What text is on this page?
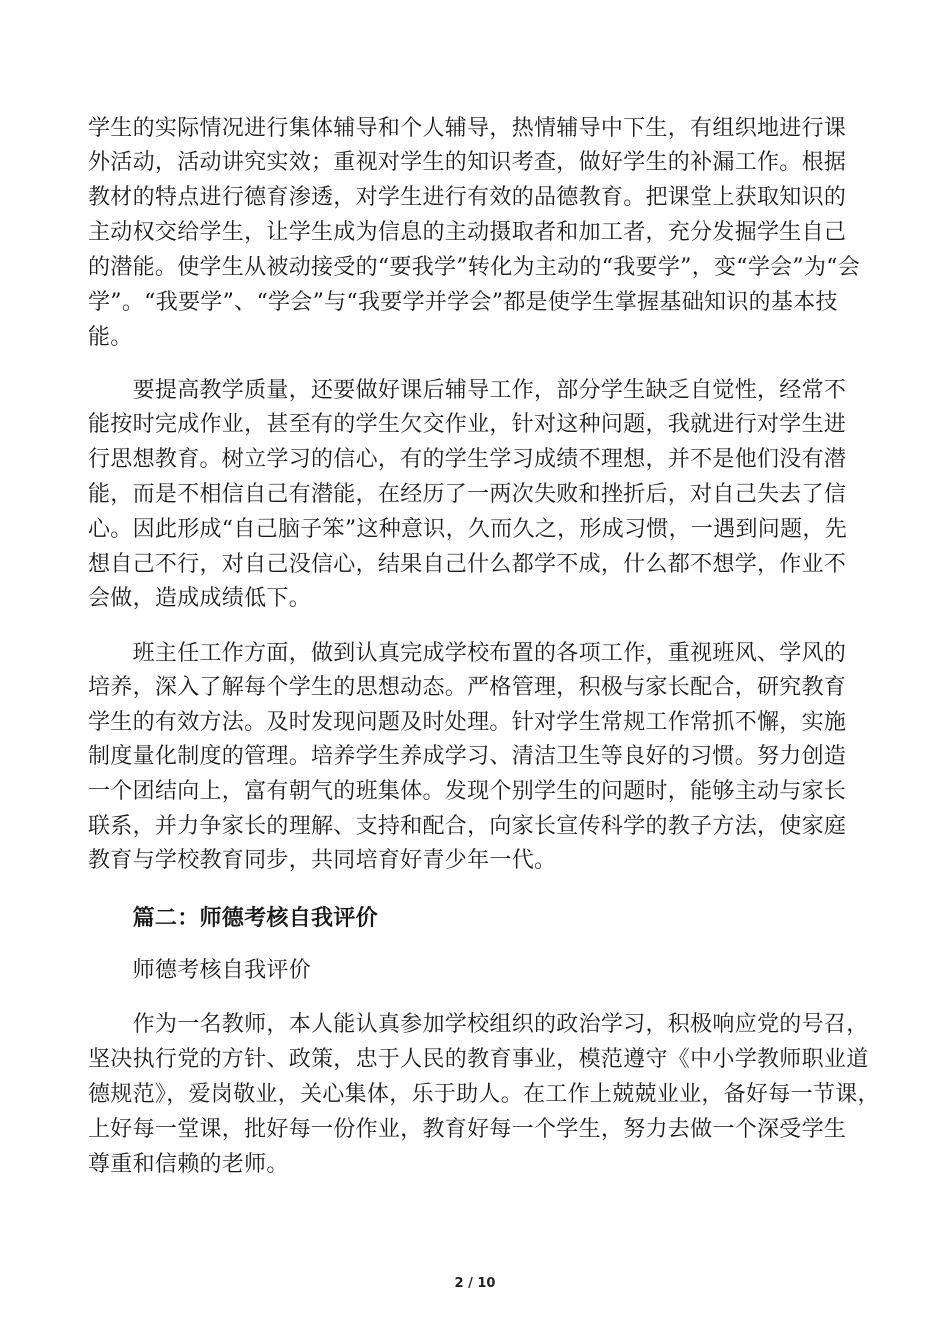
学生的实际情况进行集体辅导和个人辅导，热情辅导中下生，有组织地进行课
外活动，活动讲究实效；重视对学生的知识考查，做好学生的补漏工作。根据
教材的特点进行德育渗透，对学生进行有效的品德教育。把课堂上获取知识的
主动权交给学生，让学生成为信息的主动摄取者和加工者，充分发掘学生自己
的潜能。使学生从被动接受的“要我学”转化为主动的“我要学”，变“学会”为“会
学”。“我要学”、“学会”与“我要学并学会”都是使学生掌握基础知识的基本技
能。
　　要提高教学质量，还要做好课后辅导工作，部分学生缺乏自觉性，经常不
能按时完成作业，甚至有的学生欠交作业，针对这种问题，我就进行对学生进
行思想教育。树立学习的信心，有的学生学习成绩不理想，并不是他们没有潜
能，而是不相信自己有潜能，在经历了一两次失败和挫折后，对自己失去了信
心。因此形成“自己脑子笨”这种意识，久而久之，形成习惯，一遇到问题，先
想自己不行，对自己没信心，结果自己什么都学不成，什么都不想学，作业不
会做，造成成绩低下。
　　班主任工作方面，做到认真完成学校布置的各项工作，重视班风、学风的
培养，深入了解每个学生的思想动态。严格管理，积极与家长配合，研究教育
学生的有效方法。及时发现问题及时处理。针对学生常规工作常抓不懈，实施
制度量化制度的管理。培养学生养成学习、清洁卫生等良好的习惯。努力创造
一个团结向上，富有朝气的班集体。发现个别学生的问题时，能够主动与家长
联系，并力争家长的理解、支持和配合，向家长宣传科学的教子方法，使家庭
教育与学校教育同步，共同培育好青少年一代。
　　篇二：师德考核自我评价
　　师德考核自我评价
　　作为一名教师，本人能认真参加学校组织的政治学习，积极响应党的号召，
坚决执行党的方针、政策，忠于人民的教育事业，模范遵守《中小学教师职业道
德规范》，爱岗敬业，关心集体，乐于助人。在工作上兢兢业业，备好每一节课，
上好每一堂课，批好每一份作业，教育好每一个学生，努力去做一个深受学生
尊重和信赖的老师。
2 / 10
